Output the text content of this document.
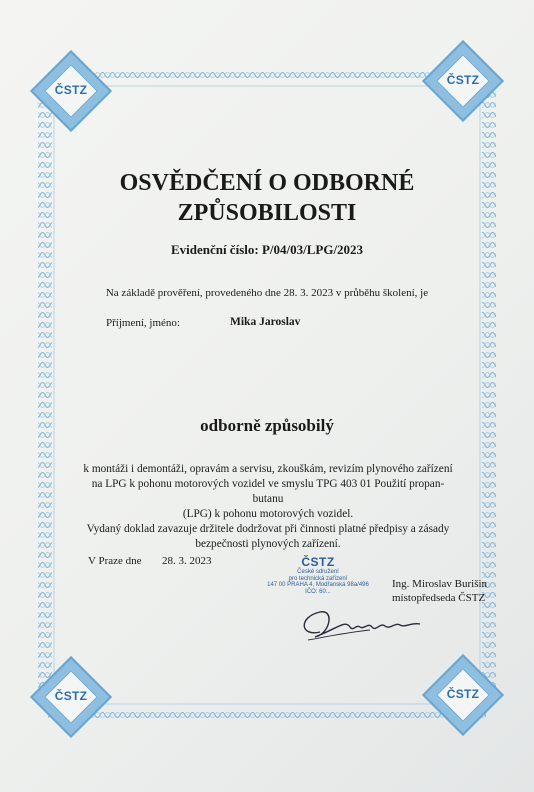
ČSTZ
ČSTZ
ČSTZ	ČSTZ
OSVĚDČENÍ O ODBORNÉ
ZPŮSOBILOSTI
Evidenční číslo: P/04/03/LPG/2023
Na základě prověření, provedeného dne 28. 3. 2023 v průběhu školení, je
Příjmení, jméno:	Mika Jaroslav
odborně způsobilý
k montáži i demontáži, opravám a servisu, zkouškám, revizím plynového zařízení
na LPG k pohonu motorových vozidel ve smyslu TPG 403 01 Použití propan-butanu
(LPG) k pohonu motorových vozidel.
Vydaný doklad zavazuje držitele dodržovat při činnosti platné předpisy a zásady
bezpečnosti plynových zařízení.
V Praze dne 28. 3. 2023	ČSTZ
České sdružení
pro technická zařízení
147 00 PRAHA 4, Modřanská 98a/496
IČO: 60...
Ing. Miroslav Burišin
místopředseda ČSTZ
